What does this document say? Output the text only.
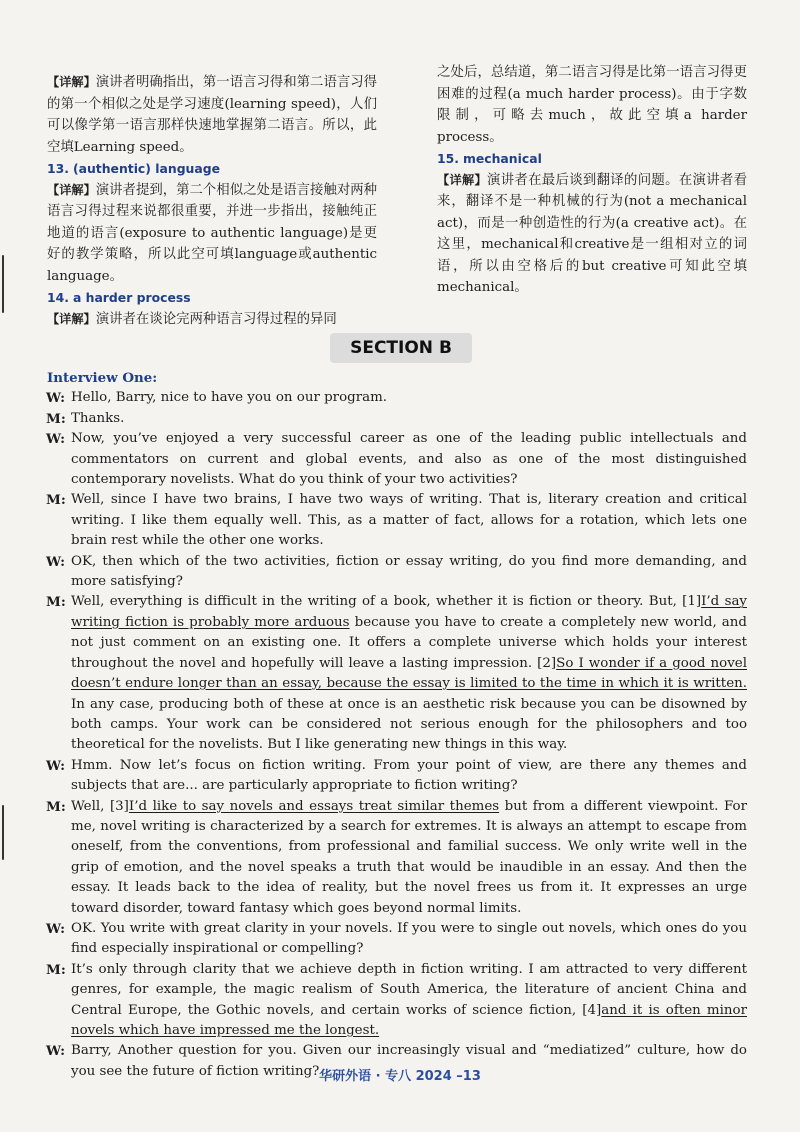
【详解】演讲者明确指出，第一语言习得和第二语言习得的第一个相似之处是学习速度(learning speed)，人们可以像学第一语言那样快速地掌握第二语言。所以，此空填Learning speed。

13. (authentic) language

【详解】演讲者提到，第二个相似之处是语言接触对两种语言习得过程来说都很重要，并进一步指出，接触纯正地道的语言(exposure to authentic language)是更好的教学策略，所以此空可填language或authentic language。

14. a harder process

【详解】演讲者在谈论完两种语言习得过程的异同

之处后，总结道，第二语言习得是比第一语言习得更困难的过程(a much harder process)。由于字数限制，可略去much，故此空填a harder process。

15. mechanical

【详解】演讲者在最后谈到翻译的问题。在演讲者看来，翻译不是一种机械的行为(not a mechanical act)，而是一种创造性的行为(a creative act)。在这里，mechanical和creative是一组相对立的词语，所以由空格后的but creative可知此空填mechanical。

SECTION B

Interview One:

W: Hello, Barry, nice to have you on our program.

M: Thanks.

W: Now, you’ve enjoyed a very successful career as one of the leading public intellectuals and commentators on current and global events, and also as one of the most distinguished contemporary novelists. What do you think of your two activities?

M: Well, since I have two brains, I have two ways of writing. That is, literary creation and critical writing. I like them equally well. This, as a matter of fact, allows for a rotation, which lets one brain rest while the other one works.

W: OK, then which of the two activities, fiction or essay writing, do you find more demanding, and more satisfying?

M: Well, everything is difficult in the writing of a book, whether it is fiction or theory. But, [1]I’d say writing fiction is probably more arduous because you have to create a completely new world, and not just comment on an existing one. It offers a complete universe which holds your interest throughout the novel and hopefully will leave a lasting impression. [2]So I wonder if a good novel doesn’t endure longer than an essay, because the essay is limited to the time in which it is written. In any case, producing both of these at once is an aesthetic risk because you can be disowned by both camps. Your work can be considered not serious enough for the philosophers and too theoretical for the novelists. But I like generating new things in this way.

W: Hmm. Now let’s focus on fiction writing. From your point of view, are there any themes and subjects that are... are particularly appropriate to fiction writing?

M: Well, [3]I’d like to say novels and essays treat similar themes but from a different viewpoint. For me, novel writing is characterized by a search for extremes. It is always an attempt to escape from oneself, from the conventions, from professional and familial success. We only write well in the grip of emotion, and the novel speaks a truth that would be inaudible in an essay. And then the essay. It leads back to the idea of reality, but the novel frees us from it. It expresses an urge toward disorder, toward fantasy which goes beyond normal limits.

W: OK. You write with great clarity in your novels. If you were to single out novels, which ones do you find especially inspirational or compelling?

M: It’s only through clarity that we achieve depth in fiction writing. I am attracted to very different genres, for example, the magic realism of South America, the literature of ancient China and Central Europe, the Gothic novels, and certain works of science fiction, [4]and it is often minor novels which have impressed me the longest.

W: Barry, Another question for you. Given our increasingly visual and “mediatized” culture, how do you see the future of fiction writing? 华研外语 · 专八 2024 –13
